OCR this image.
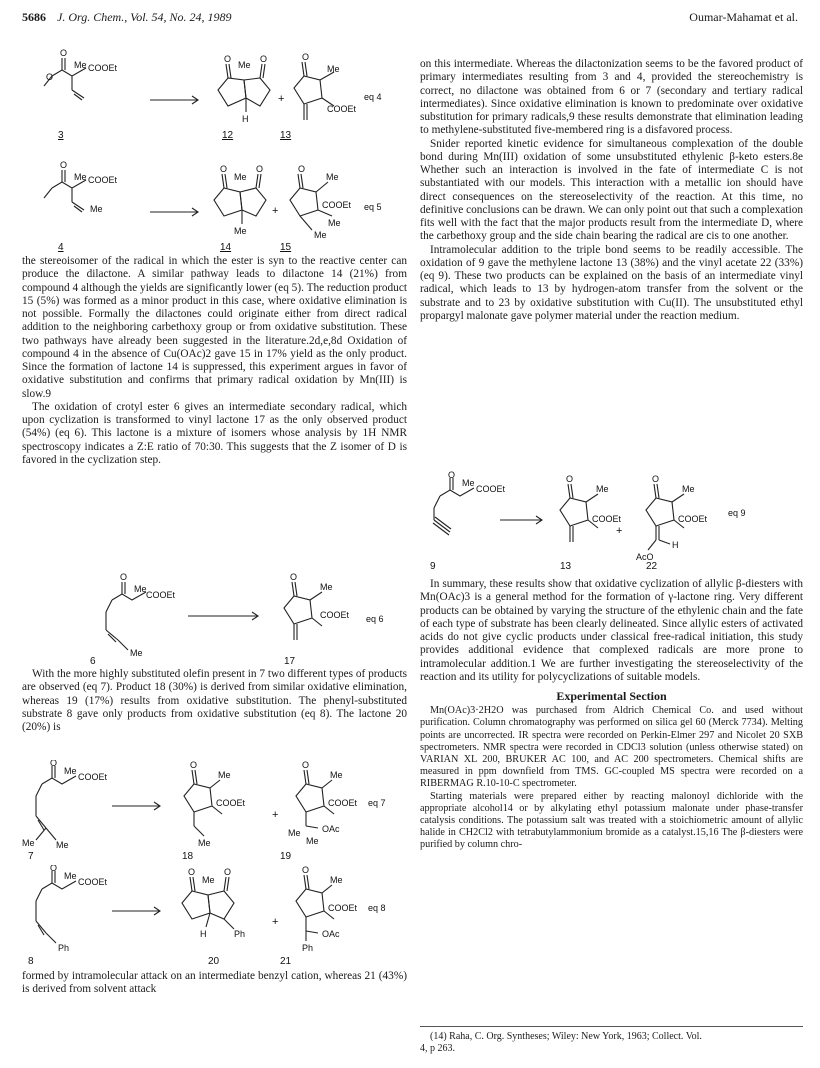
5686 J. Org. Chem., Vol. 54, No. 24, 1989	Oumar-Mahamat et al.
O
Me COOEt
O
O
Me
O
H
+
O
Me
COOEt
eq 4
3	12	13
O
Me COOEt
Me
O
Me
O
Me
+
O
Me
COOEt
Me
Me
eq 5
4	14	15
O
Me
COOEt
Me
O
Me
COOEt eq 6
6	17
O
Me
COOEt
Me Me
O
Me
COOEt
Me
+
O
Me
COOEt
OAc
Me
Me
eq 7
7	18	19
O
Me
COOEt
Ph
O
Me
O
H	Ph
+
O
Me
COOEt
OAc
Ph
eq 8
8	20	21
O
Me
COOEt
O
Me
COOEt
+
O
Me
COOEt
H
AcO
eq 9
9	13	22

the stereoisomer of the radical in which the ester is syn to the reactive center can produce the dilactone. A similar pathway leads to dilactone 14 (21%) from compound 4 although the yields are significantly lower (eq 5). The reduction product 15 (5%) was formed as a minor product in this case, where oxidative elimination is not possible. Formally the dilactones could originate either from direct radical addition to the neighboring carbethoxy group or from oxidative substitution. These two pathways have already been suggested in the literature.2d,e,8d Oxidation of compound 4 in the absence of Cu(OAc)2 gave 15 in 17% yield as the only product. Since the formation of lactone 14 is suppressed, this experiment argues in favor of oxidative substitution and confirms that primary radical oxidation by Mn(III) is slow.9

The oxidation of crotyl ester 6 gives an intermediate secondary radical, which upon cyclization is transformed to vinyl lactone 17 as the only observed product (54%) (eq 6). This lactone is a mixture of isomers whose analysis by 1H NMR spectroscopy indicates a Z:E ratio of 70:30. This suggests that the Z isomer of D is favored in the cyclization step.

With the more highly substituted olefin present in 7 two different types of products are observed (eq 7). Product 18 (30%) is derived from similar oxidative elimination, whereas 19 (17%) results from oxidative substitution. The phenyl-substituted substrate 8 gave only products from oxidative substitution (eq 8). The lactone 20 (20%) is

formed by intramolecular attack on an intermediate benzyl cation, whereas 21 (43%) is derived from solvent attack

on this intermediate. Whereas the dilactonization seems to be the favored product of primary intermediates resulting from 3 and 4, provided the stereochemistry is correct, no dilactone was obtained from 6 or 7 (secondary and tertiary radical intermediates). Since oxidative elimination is known to predominate over oxidative substitution for primary radicals,9 these results demonstrate that elimination leading to methylene-substituted five-membered ring is a disfavored process.

Snider reported kinetic evidence for simultaneous complexation of the double bond during Mn(III) oxidation of some unsubstituted ethylenic β-keto esters.8e Whether such an interaction is involved in the fate of intermediate C is not substantiated with our models. This interaction with a metallic ion should have direct consequences on the stereoselectivity of the reaction. At this time, no definitive conclusions can be drawn. We can only point out that such a complexation fits well with the fact that the major products result from the intermediate D, where the carbethoxy group and the side chain bearing the radical are cis to one another.

Intramolecular addition to the triple bond seems to be readily accessible. The oxidation of 9 gave the methylene lactone 13 (38%) and the vinyl acetate 22 (33%) (eq 9). These two products can be explained on the basis of an intermediate vinyl radical, which leads to 13 by hydrogen-atom transfer from the solvent or the substrate and to 23 by oxidative substitution with Cu(II). The unsubstituted ethyl propargyl malonate gave polymer material under the reaction medium.

In summary, these results show that oxidative cyclization of allylic β-diesters with Mn(OAc)3 is a general method for the formation of γ-lactone ring. Very different products can be obtained by varying the structure of the ethylenic chain and the fate of each type of substrate has been clearly delineated. Since allylic esters of activated acids do not give cyclic products under classical free-radical initiation, this study provides additional evidence that complexed radicals are more prone to intramolecular addition.1 We are further investigating the stereoselectivity of the reaction and its utility for polycyclizations of suitable models.

Experimental Section

Mn(OAc)3·2H2O was purchased from Aldrich Chemical Co. and used without purification. Column chromatography was performed on silica gel 60 (Merck 7734). Melting points are uncorrected. IR spectra were recorded on Perkin-Elmer 297 and Nicolet 20 SXB spectrometers. NMR spectra were recorded in CDCl3 solution (unless otherwise stated) on VARIAN XL 200, BRUKER AC 100, and AC 200 spectrometers. Chemical shifts are measured in ppm downfield from TMS. GC-coupled MS spectra were recorded on a RIBERMAG R.10-10-C spectrometer.

Starting materials were prepared either by reacting malonoyl dichloride with the appropriate alcohol14 or by alkylating ethyl potassium malonate under phase-transfer catalysis conditions. The potassium salt was treated with a stoichiometric amount of allylic halide in CH2Cl2 with tetrabutylammonium bromide as a catalyst.15,16 The β-diesters were purified by column chro-

(14) Raha, C. Org. Syntheses; Wiley: New York, 1963; Collect. Vol.
4, p 263.
